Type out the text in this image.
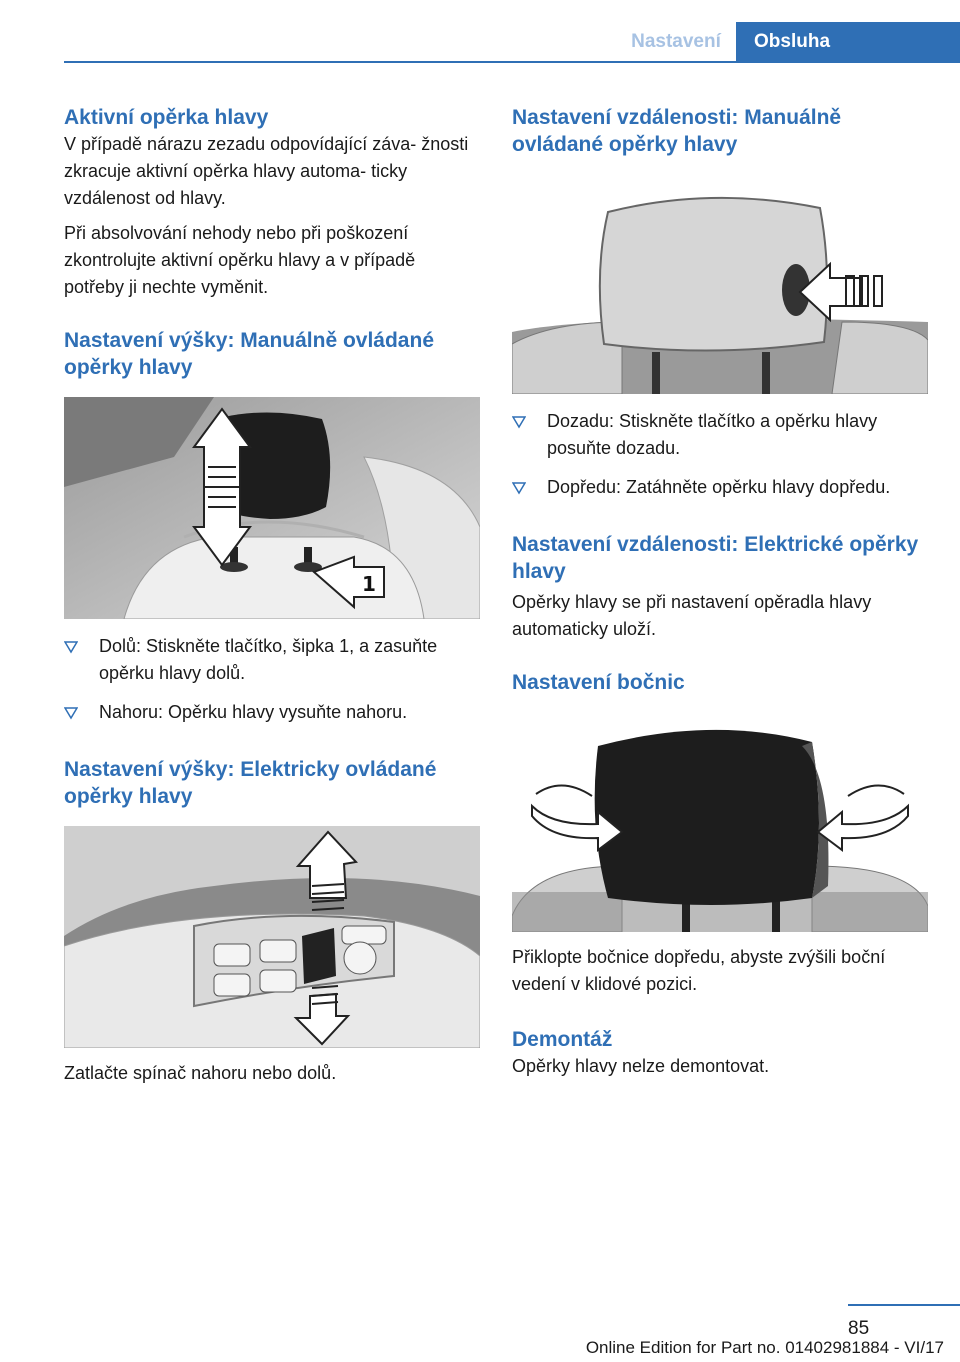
Nastavení	Obsluha
Aktivní opěrka hlavy

V případě nárazu zezadu odpovídající záva‐ žnosti zkracuje aktivní opěrka hlavy automa‐ ticky vzdálenost od hlavy.

Při absolvování nehody nebo při poškození zkontrolujte aktivní opěrku hlavy a v případě potřeby ji nechte vyměnit.

Nastavení výšky: Manuálně ovládané opěrky hlavy
1
Dolů: Stiskněte tlačítko, šipka 1, a zasuňte opěrku hlavy dolů.
Nahoru: Opěrku hlavy vysuňte nahoru.
Nastavení výšky: Elektricky ovládané opěrky hlavy

Zatlačte spínač nahoru nebo dolů.

Nastavení vzdálenosti: Manuálně ovládané opěrky hlavy
Dozadu: Stiskněte tlačítko a opěrku hlavy posuňte dozadu.
Dopředu: Zatáhněte opěrku hlavy dopředu.
Nastavení vzdálenosti: Elektrické opěrky hlavy

Opěrky hlavy se při nastavení opěradla hlavy automaticky uloží.

Nastavení bočnic

Přiklopte bočnice dopředu, abyste zvýšili boční vedení v klidové pozici.

Demontáž

Opěrky hlavy nelze demontovat.

85
Online Edition for Part no. 01402981884 - VI/17
